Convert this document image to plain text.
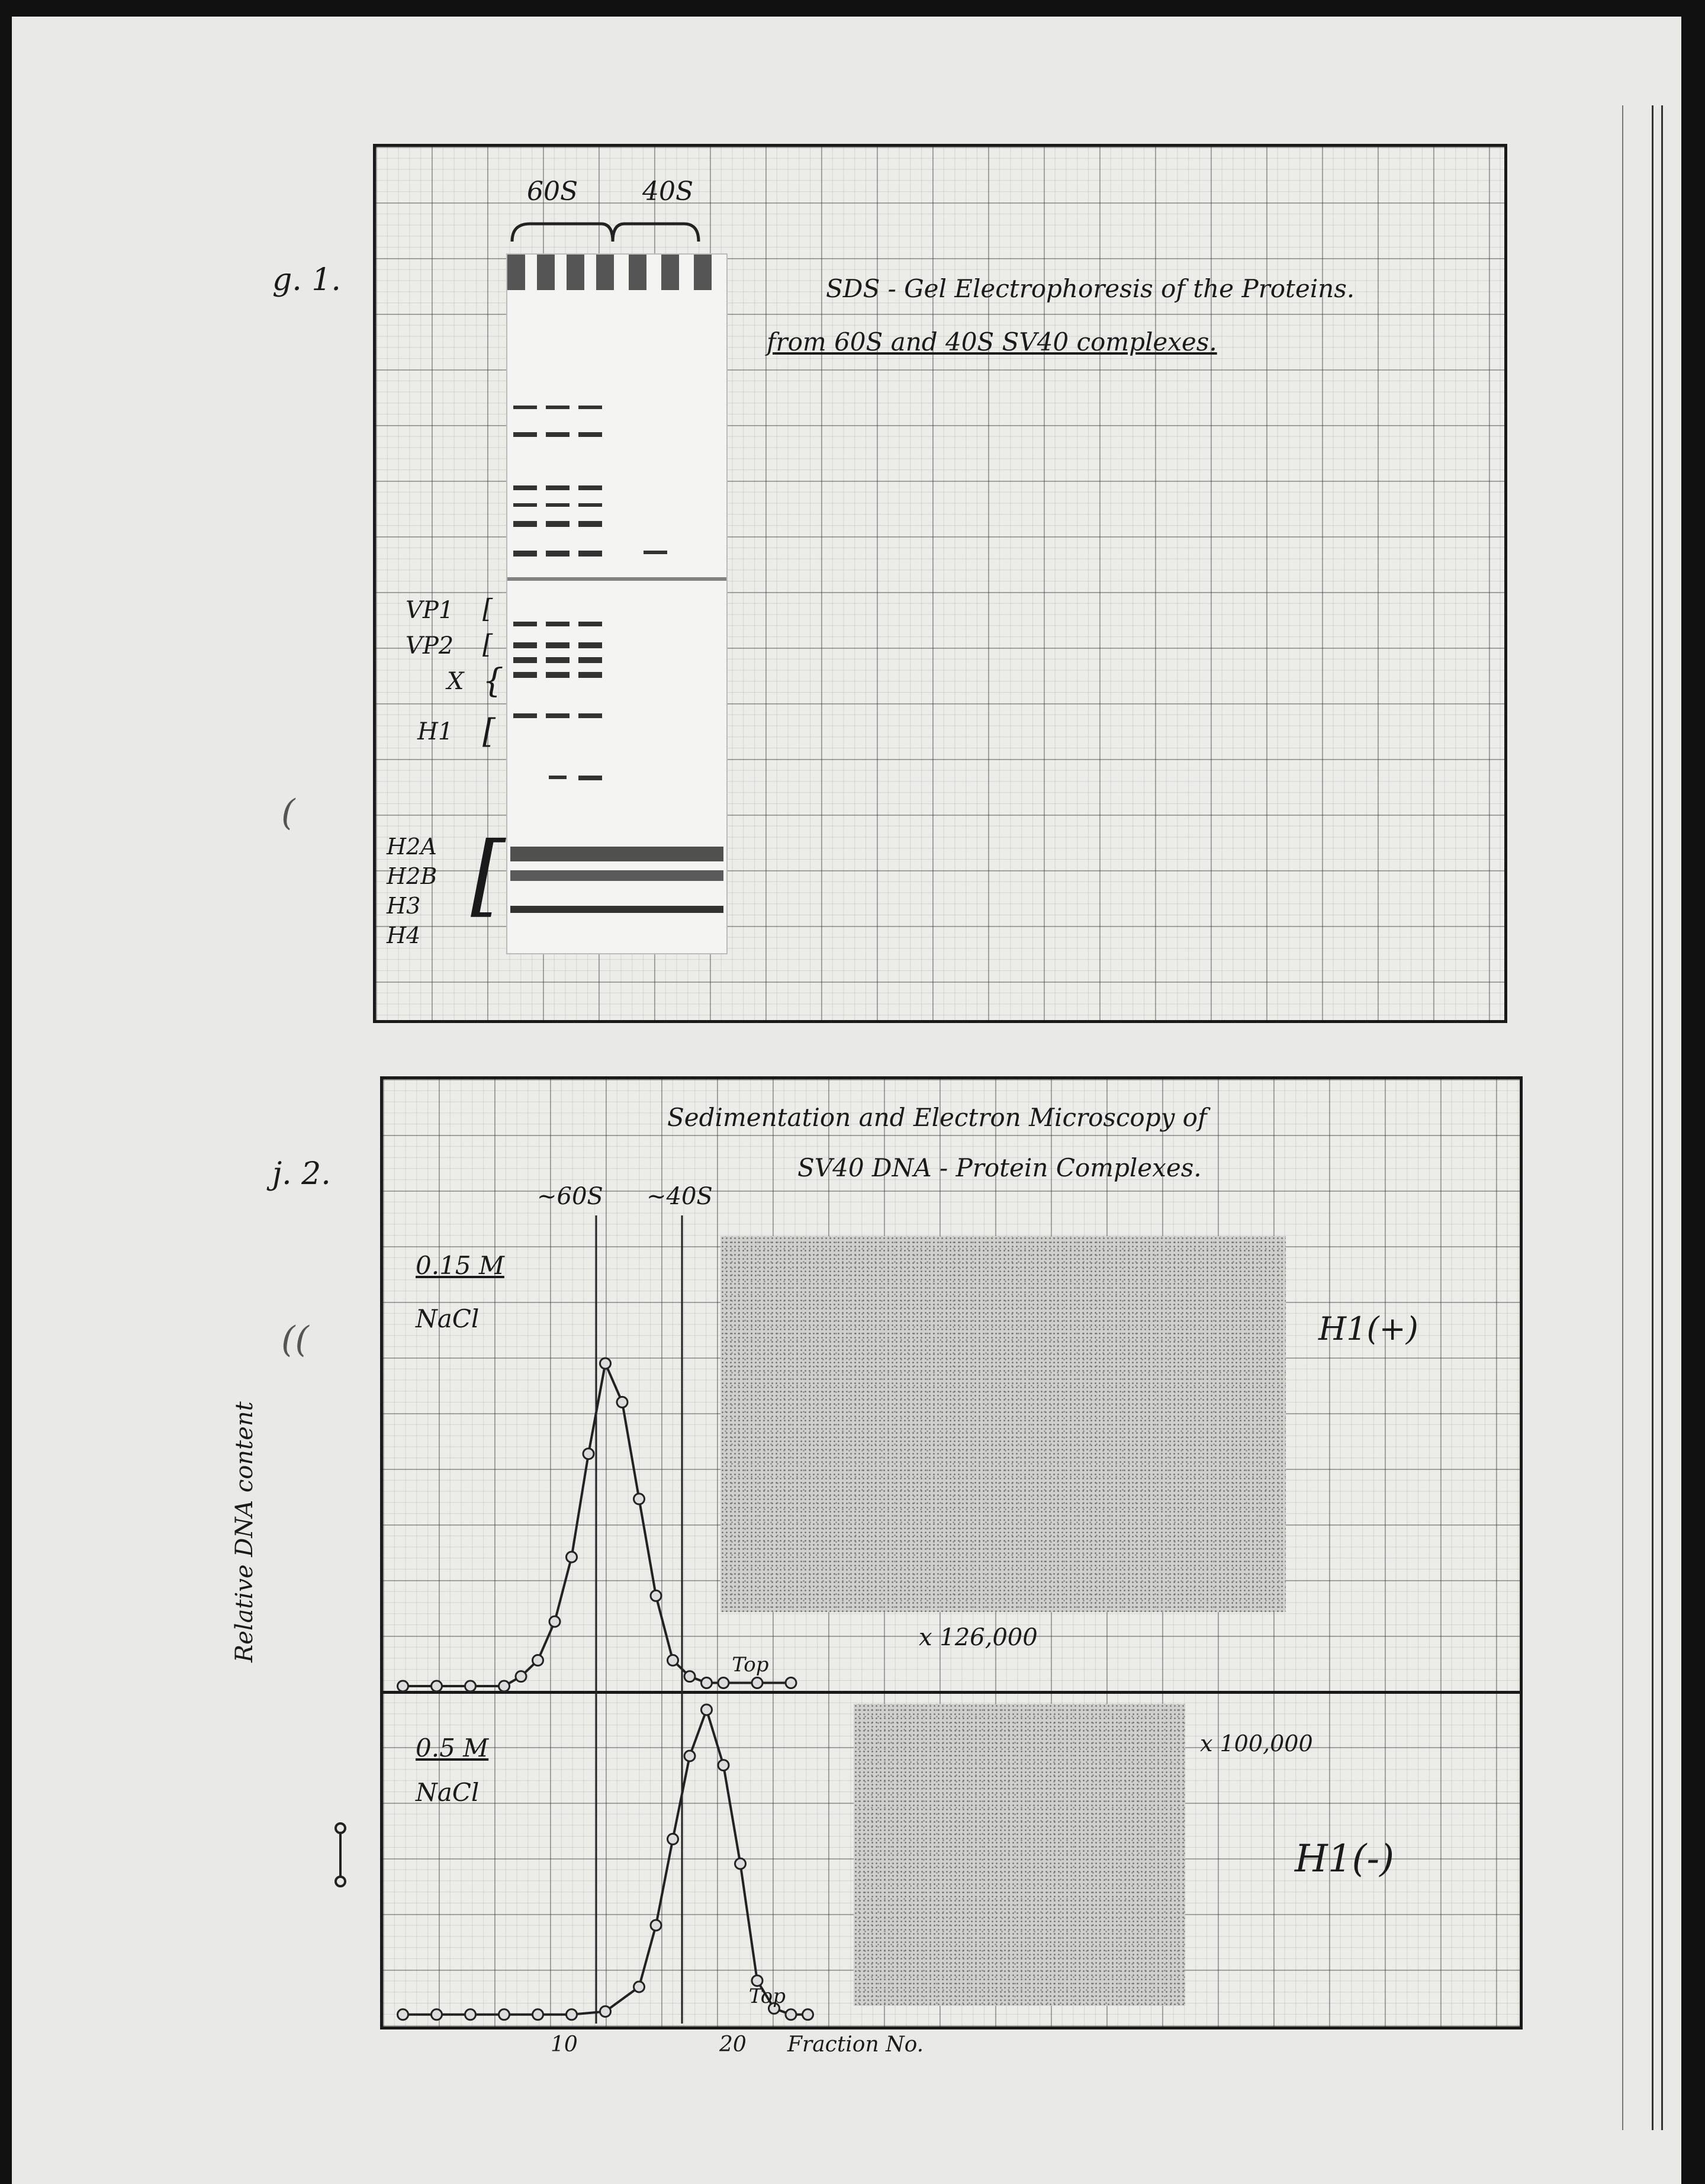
(
((
g. 1.
60S 40S
SDS - Gel Electrophoresis of the Proteins.
from 60S and 40S SV40 complexes.
VP1
VP2
X
H1
[
[
{
[
H2A
H2B
H3
H4
[
j. 2.
Sedimentation and Electron Microscopy of
SV40 DNA - Protein Complexes.
~60S ~40S
0.15 M
NaCl	H1(+)
x 126,000
0.5 M
NaCl
x 100,000
H1(-)
Top
Top
Relative DNA content
10	20 Fraction No.
